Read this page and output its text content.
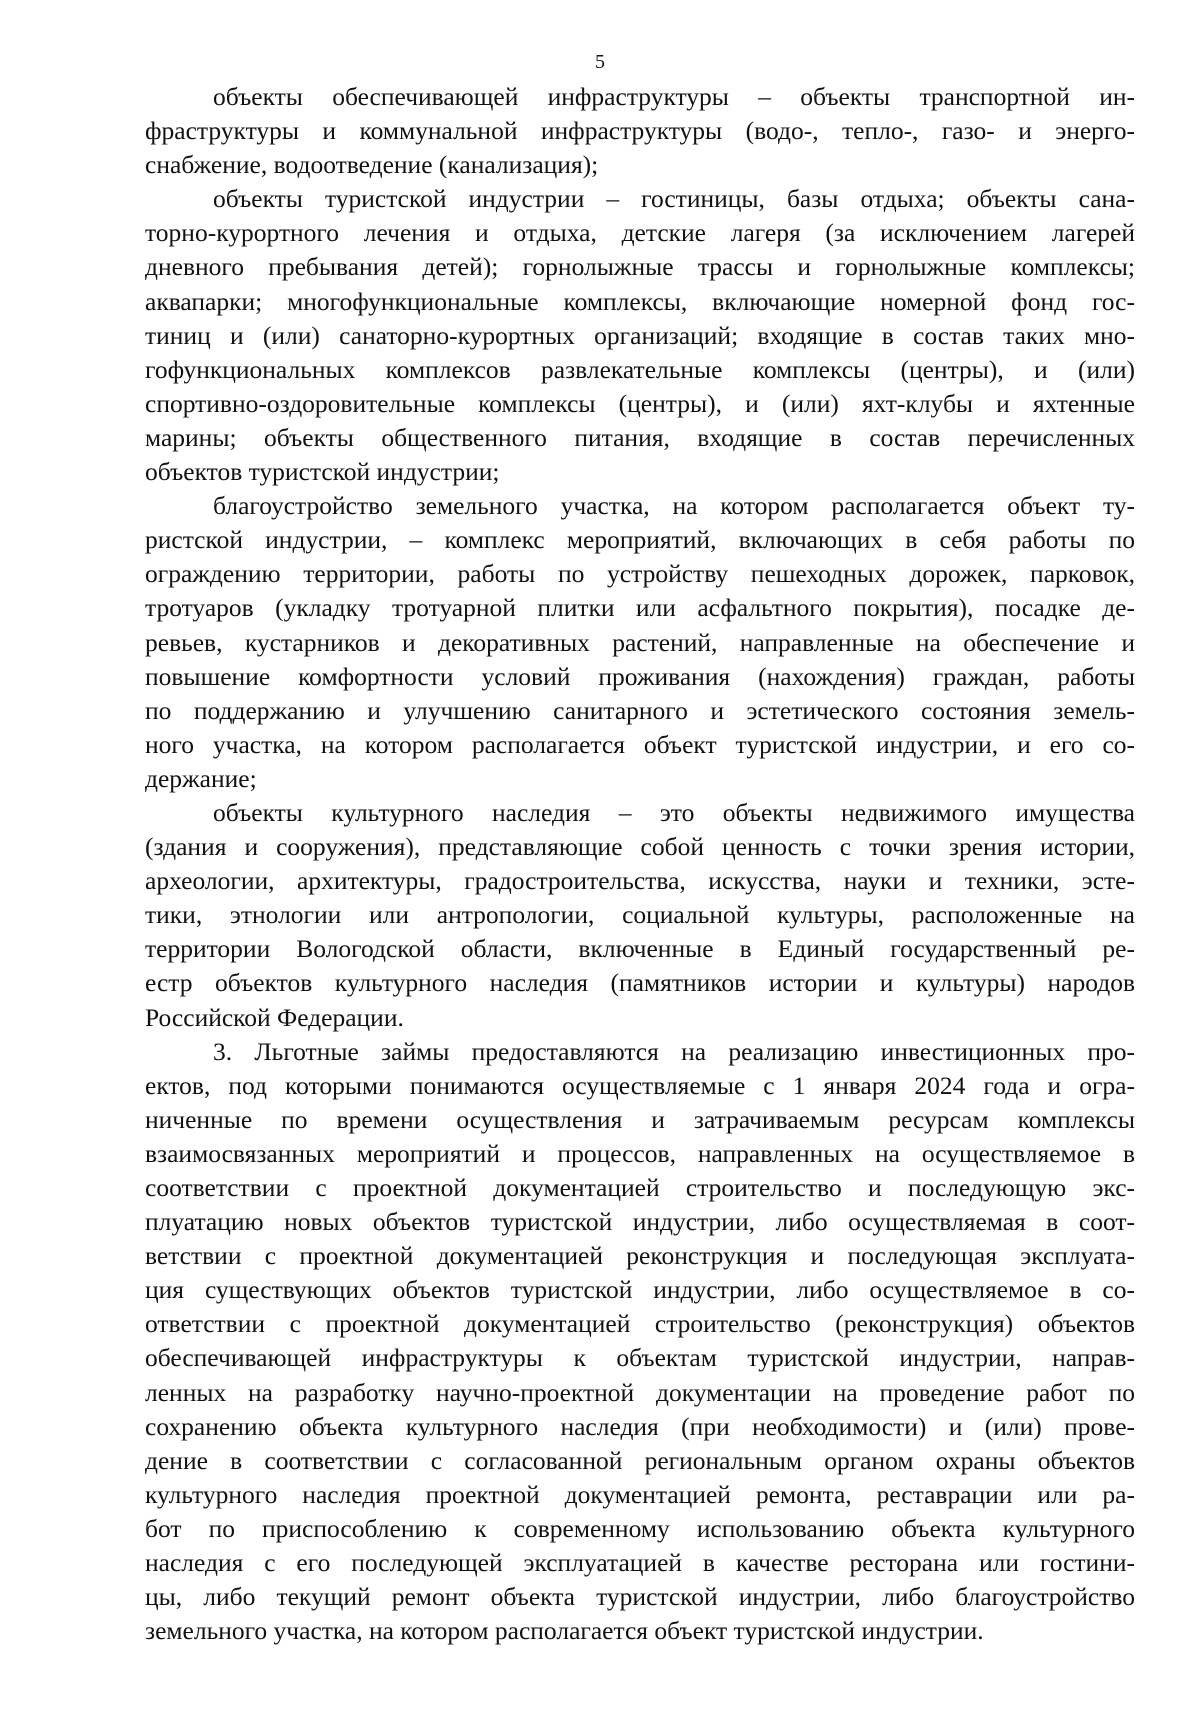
5
объекты обеспечивающей инфраструктуры – объекты транспортной ин-
фраструктуры и коммунальной инфраструктуры (водо-, тепло-, газо- и энерго-
снабжение, водоотведение (канализация);
объекты туристской индустрии – гостиницы, базы отдыха; объекты сана-
торно-курортного лечения и отдыха, детские лагеря (за исключением лагерей
дневного пребывания детей); горнолыжные трассы и горнолыжные комплексы;
аквапарки; многофункциональные комплексы, включающие номерной фонд гос-
тиниц и (или) санаторно-курортных организаций; входящие в состав таких мно-
гофункциональных комплексов развлекательные комплексы (центры), и (или)
спортивно-оздоровительные комплексы (центры), и (или) яхт-клубы и яхтенные
марины; объекты общественного питания, входящие в состав перечисленных
объектов туристской индустрии;
благоустройство земельного участка, на котором располагается объект ту-
ристской индустрии, – комплекс мероприятий, включающих в себя работы по
ограждению территории, работы по устройству пешеходных дорожек, парковок,
тротуаров (укладку тротуарной плитки или асфальтного покрытия), посадке де-
ревьев, кустарников и декоративных растений, направленные на обеспечение и
повышение комфортности условий проживания (нахождения) граждан, работы
по поддержанию и улучшению санитарного и эстетического состояния земель-
ного участка, на котором располагается объект туристской индустрии, и его со-
держание;
объекты культурного наследия – это объекты недвижимого имущества
(здания и сооружения), представляющие собой ценность с точки зрения истории,
археологии, архитектуры, градостроительства, искусства, науки и техники, эсте-
тики, этнологии или антропологии, социальной культуры, расположенные на
территории Вологодской области, включенные в Единый государственный ре-
естр объектов культурного наследия (памятников истории и культуры) народов
Российской Федерации.
3. Льготные займы предоставляются на реализацию инвестиционных про-
ектов, под которыми понимаются осуществляемые с 1 января 2024 года и огра-
ниченные по времени осуществления и затрачиваемым ресурсам комплексы
взаимосвязанных мероприятий и процессов, направленных на осуществляемое в
соответствии с проектной документацией строительство и последующую экс-
плуатацию новых объектов туристской индустрии, либо осуществляемая в соот-
ветствии с проектной документацией реконструкция и последующая эксплуата-
ция существующих объектов туристской индустрии, либо осуществляемое в со-
ответствии с проектной документацией строительство (реконструкция) объектов
обеспечивающей инфраструктуры к объектам туристской индустрии, направ-
ленных на разработку научно-проектной документации на проведение работ по
сохранению объекта культурного наследия (при необходимости) и (или) прове-
дение в соответствии с согласованной региональным органом охраны объектов
культурного наследия проектной документацией ремонта, реставрации или ра-
бот по приспособлению к современному использованию объекта культурного
наследия с его последующей эксплуатацией в качестве ресторана или гостини-
цы, либо текущий ремонт объекта туристской индустрии, либо благоустройство
земельного участка, на котором располагается объект туристской индустрии.
